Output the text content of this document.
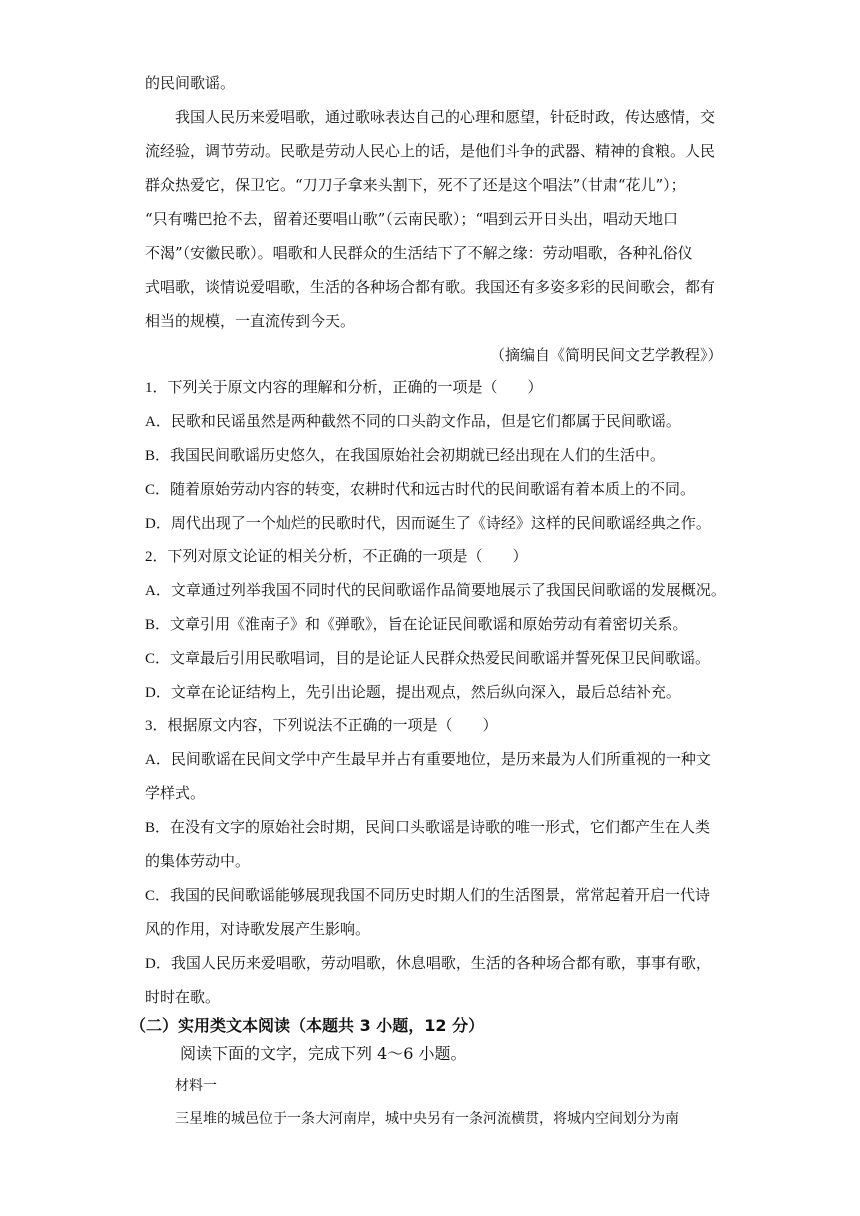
的民间歌谣。
我国人民历来爱唱歌，通过歌咏表达自己的心理和愿望，针砭时政，传达感情，交
流经验，调节劳动。民歌是劳动人民心上的话，是他们斗争的武器、精神的食粮。人民
群众热爱它，保卫它。“刀刀子拿来头割下，死不了还是这个唱法”（甘肃“花儿”）；
“只有嘴巴抢不去，留着还要唱山歌”（云南民歌）；“唱到云开日头出，唱动天地口
不渴”（安徽民歌）。唱歌和人民群众的生活结下了不解之缘：劳动唱歌，各种礼俗仪
式唱歌，谈情说爱唱歌，生活的各种场合都有歌。我国还有多姿多彩的民间歌会，都有
相当的规模，一直流传到今天。
（摘编自《简明民间文艺学教程》）
1．下列关于原文内容的理解和分析，正确的一项是（　　）
A．民歌和民谣虽然是两种截然不同的口头韵文作品，但是它们都属于民间歌谣。
B．我国民间歌谣历史悠久，在我国原始社会初期就已经出现在人们的生活中。
C．随着原始劳动内容的转变，农耕时代和远古时代的民间歌谣有着本质上的不同。
D．周代出现了一个灿烂的民歌时代，因而诞生了《诗经》这样的民间歌谣经典之作。
2．下列对原文论证的相关分析，不正确的一项是（　　）
A．文章通过列举我国不同时代的民间歌谣作品简要地展示了我国民间歌谣的发展概况。
B．文章引用《淮南子》和《弹歌》，旨在论证民间歌谣和原始劳动有着密切关系。
C．文章最后引用民歌唱词，目的是论证人民群众热爱民间歌谣并誓死保卫民间歌谣。
D．文章在论证结构上，先引出论题，提出观点，然后纵向深入，最后总结补充。
3．根据原文内容，下列说法不正确的一项是（　　）
A．民间歌谣在民间文学中产生最早并占有重要地位，是历来最为人们所重视的一种文
学样式。
B．在没有文字的原始社会时期，民间口头歌谣是诗歌的唯一形式，它们都产生在人类
的集体劳动中。
C．我国的民间歌谣能够展现我国不同历史时期人们的生活图景，常常起着开启一代诗
风的作用，对诗歌发展产生影响。
D．我国人民历来爱唱歌，劳动唱歌，休息唱歌，生活的各种场合都有歌，事事有歌，
时时在歌。
（二）实用类文本阅读（本题共 3 小题，12 分）
阅读下面的文字，完成下列 4～6 小题。
材料一
三星堆的城邑位于一条大河南岸，城中央另有一条河流横贯，将城内空间划分为南
